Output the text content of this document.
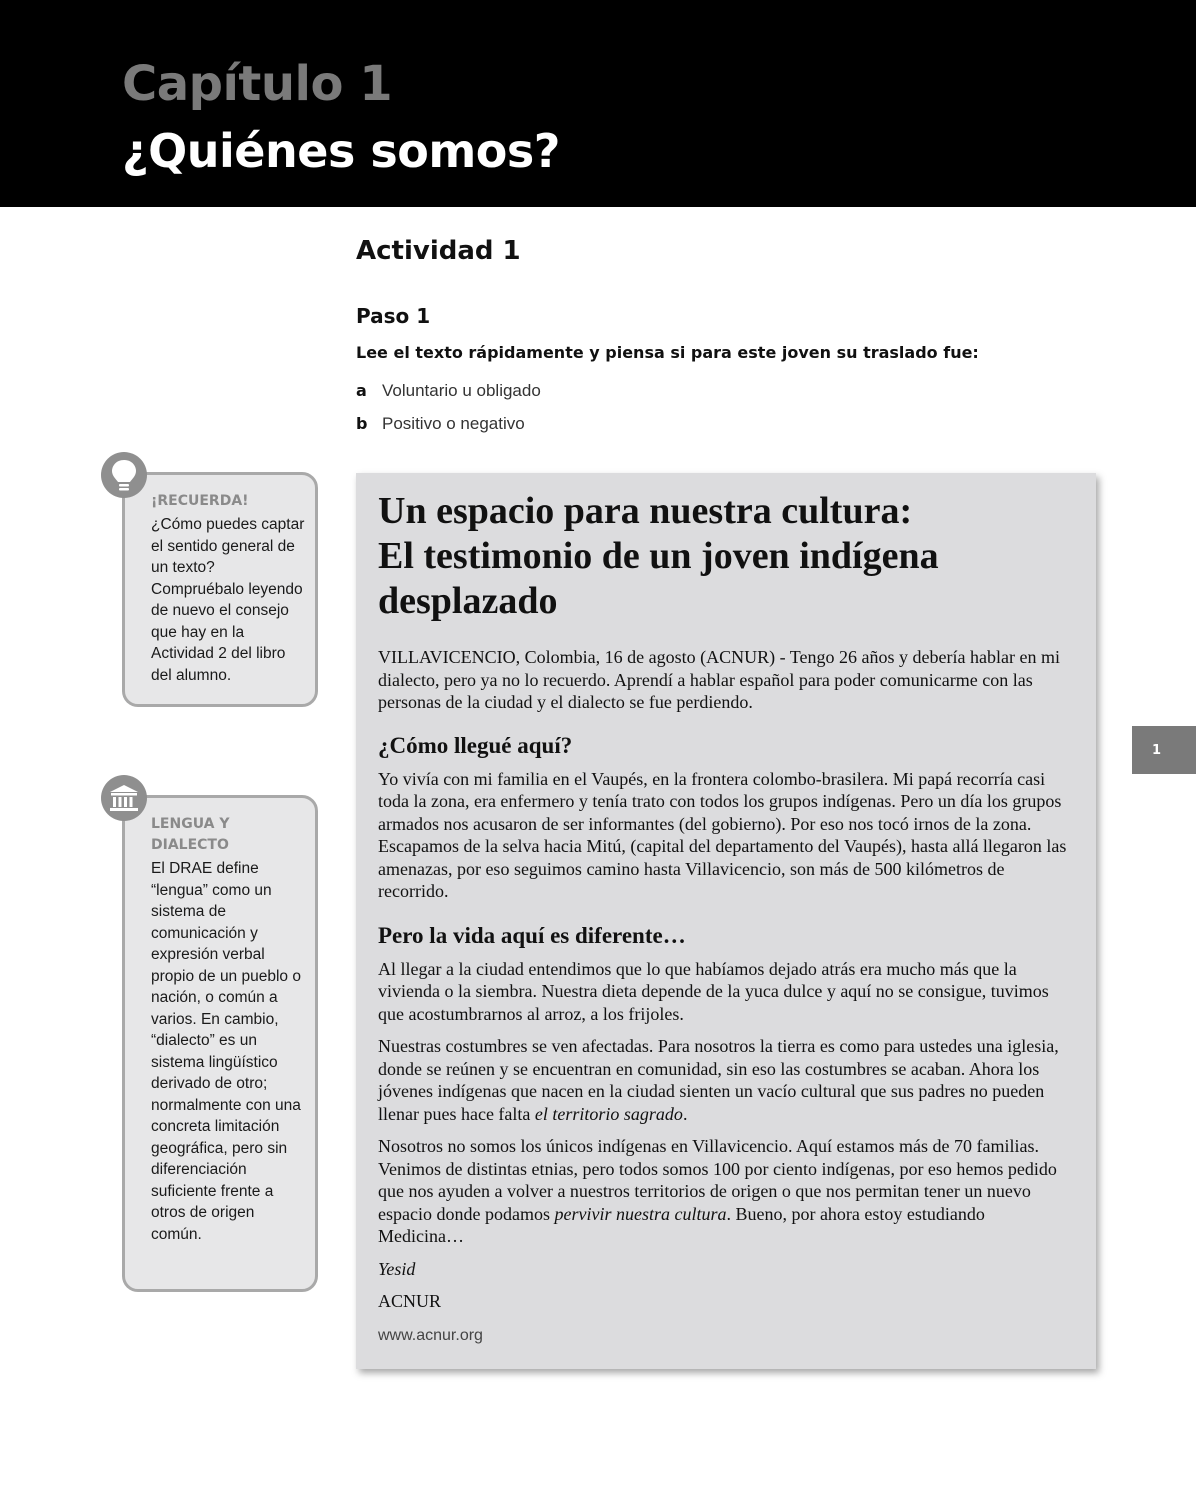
Capítulo 1
¿Quiénes somos?
Actividad 1
Paso 1

Lee el texto rápidamente y piensa si para este joven su traslado fue:

a Voluntario u obligado
b Positivo o negativo

¡RECUERDA!

¿Cómo puedes captar el sentido general de un texto? Compruébalo leyendo de nuevo el consejo que hay en la Actividad 2 del libro del alumno.

LENGUA Y DIALECTO

El DRAE define “lengua” como un sistema de comunicación y expresión verbal propio de un pueblo o nación, o común a varios. En cambio, “dialecto” es un sistema lingüístico derivado de otro; normalmente con una concreta limitación geográfica, pero sin diferenciación suficiente frente a otros de origen común.

Un espacio para nuestra cultura:
El testimonio de un joven indígena desplazado

VILLAVICENCIO, Colombia, 16 de agosto (ACNUR) - Tengo 26 años y debería hablar en mi dialecto, pero ya no lo recuerdo. Aprendí a hablar español para poder comunicarme con las personas de la ciudad y el dialecto se fue perdiendo.

¿Cómo llegué aquí?

Yo vivía con mi familia en el Vaupés, en la frontera colombo-brasilera. Mi papá recorría casi toda la zona, era enfermero y tenía trato con todos los grupos indígenas. Pero un día los grupos armados nos acusaron de ser informantes (del gobierno). Por eso nos tocó irnos de la zona. Escapamos de la selva hacia Mitú, (capital del departamento del Vaupés), hasta allá llegaron las amenazas, por eso seguimos camino hasta Villavicencio, son más de 500 kilómetros de recorrido.

Pero la vida aquí es diferente…

Al llegar a la ciudad entendimos que lo que habíamos dejado atrás era mucho más que la vivienda o la siembra. Nuestra dieta depende de la yuca dulce y aquí no se consigue, tuvimos que acostumbrarnos al arroz, a los frijoles.

Nuestras costumbres se ven afectadas. Para nosotros la tierra es como para ustedes una iglesia, donde se reúnen y se encuentran en comunidad, sin eso las costumbres se acaban. Ahora los jóvenes indígenas que nacen en la ciudad sienten un vacío cultural que sus padres no pueden llenar pues hace falta el territorio sagrado.

Nosotros no somos los únicos indígenas en Villavicencio. Aquí estamos más de 70 familias. Venimos de distintas etnias, pero todos somos 100 por ciento indígenas, por eso hemos pedido que nos ayuden a volver a nuestros territorios de origen o que nos permitan tener un nuevo espacio donde podamos pervivir nuestra cultura. Bueno, por ahora estoy estudiando Medicina…

Yesid

ACNUR

www.acnur.org

1
